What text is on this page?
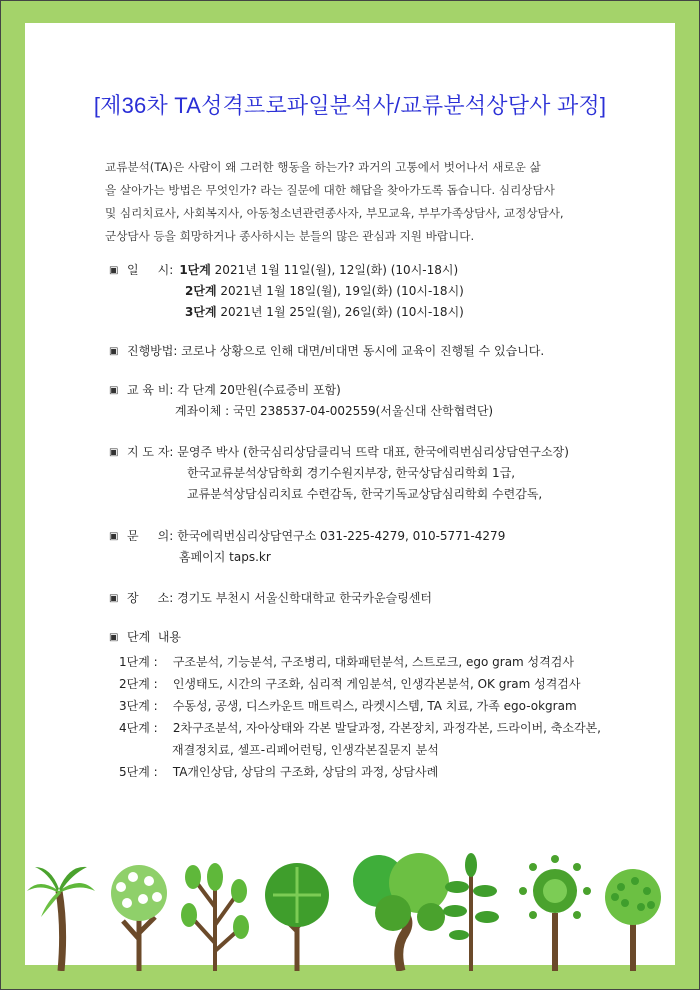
[제36차 TA성격프로파일분석사/교류분석상담사 과정]
교류분석(TA)은 사람이 왜 그러한 행동을 하는가? 과거의 고통에서 벗어나서 새로운 삶
을 살아가는 방법은 무엇인가? 라는 질문에 대한 해답을 찾아가도록 돕습니다. 심리상담사
및 심리치료사, 사회복지사, 아동청소년관련종사자, 부모교육, 부부가족상담사, 교정상담사,
군상담사 등을 희망하거나 종사하시는 분들의 많은 관심과 지원 바랍니다.
▣ 일     시: 1단계 2021년 1월 11일(월), 12일(화) (10시-18시)
2단계 2021년 1월 18일(월), 19일(화) (10시-18시)
3단계 2021년 1월 25일(월), 26일(화) (10시-18시)
▣ 진행방법: 코로나 상황으로 인해 대면/비대면 동시에 교육이 진행될 수 있습니다.
▣ 교 육 비: 각 단계 20만원(수료증비 포함)
계좌이체 : 국민 238537-04-002559(서울신대 산학협력단)
▣ 지 도 자: 문영주 박사 (한국심리상담클리닉 뜨락 대표, 한국에릭번심리상담연구소장)
한국교류분석상담학회 경기수원지부장, 한국상담심리학회 1급,
교류분석상담심리치료 수련감독, 한국기독교상담심리학회 수련감독,
▣ 문     의: 한국에릭번심리상담연구소 031-225-4279, 010-5771-4279
홈페이지 taps.kr
▣ 장     소: 경기도 부천시 서울신학대학교 한국카운슬링센터
▣ 단계  내용
1단계 : 구조분석, 기능분석, 구조병리, 대화패턴분석, 스트로크, ego gram 성격검사
2단계 : 인생태도, 시간의 구조화, 심리적 게임분석, 인생각본분석, OK gram 성격검사
3단계 : 수동성, 공생, 디스카운트 매트릭스, 라켓시스템, TA 치료, 가족 ego-okgram
4단계 : 2차구조분석, 자아상태와 각본 발달과정, 각본장치, 과정각본, 드라이버, 축소각본,
재결정치료, 셀프-리페어런팅, 인생각본질문지 분석
5단계 : TA개인상담, 상담의 구조화, 상담의 과정, 상담사례
